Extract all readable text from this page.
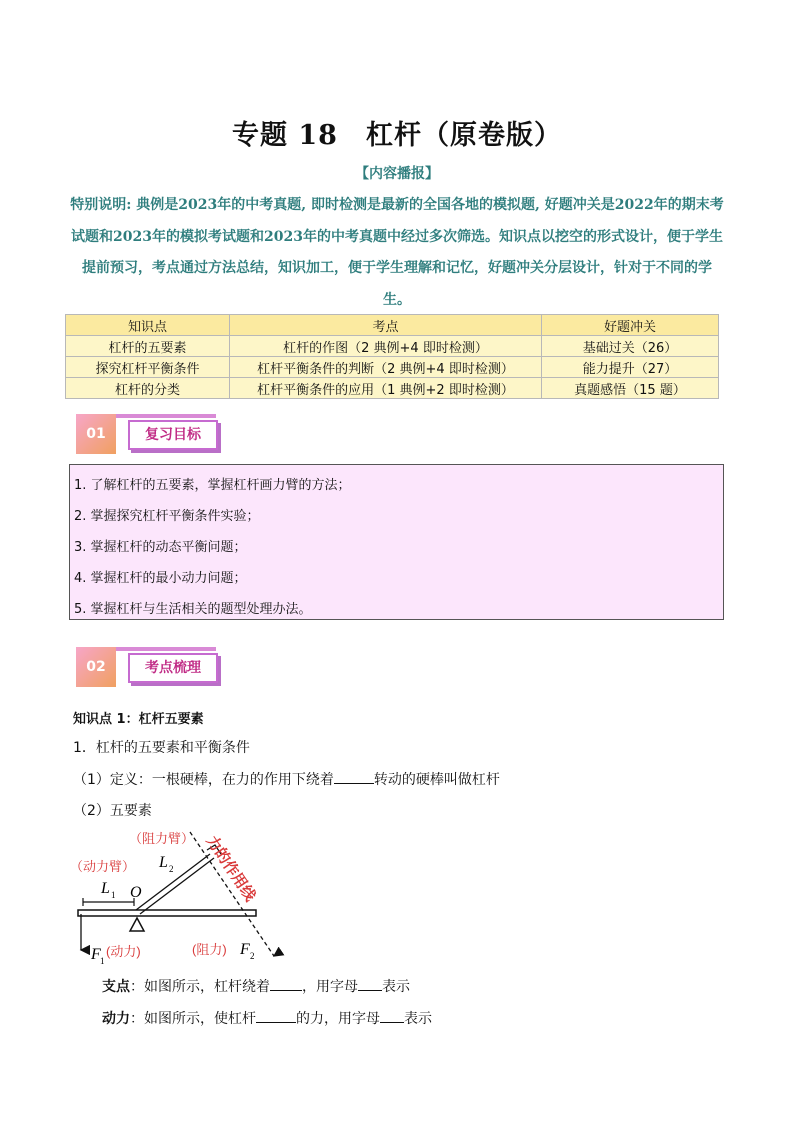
专题 18　杠杆（原卷版）
【内容播报】
特别说明: 典例是2023年的中考真题, 即时检测是最新的全国各地的模拟题, 好题冲关是2022年的期末考试题和2023年的模拟考试题和2023年的中考真题中经过多次筛选。知识点以挖空的形式设计，便于学生提前预习，考点通过方法总结，知识加工，便于学生理解和记忆，好题冲关分层设计，针对于不同的学生。
知识点	考点	好题冲关
杠杆的五要素	杠杆的作图（2 典例+4 即时检测）	基础过关（26）
探究杠杆平衡条件	杠杆平衡条件的判断（2 典例+4 即时检测）	能力提升（27）
杠杆的分类	杠杆平衡条件的应用（1 典例+2 即时检测）	真题感悟（15 题）
01	复习目标
1. 了解杠杆的五要素，掌握杠杆画力臂的方法；
2. 掌握探究杠杆平衡条件实验；
3. 掌握杠杆的动态平衡问题；
4. 掌握杠杆的最小动力问题；
5. 掌握杠杆与生活相关的题型处理办法。
02	考点梳理
知识点 1：杠杆五要素
1．杠杆的五要素和平衡条件
（1）定义：一根硬棒，在力的作用下绕着	转动的硬棒叫做杠杆
（2）五要素
（阻力臂）
（动力臂）	力的作用线
L 2
L 1 O
F 1
(动力)	(阻力) F 2
支点：如图所示，杠杆绕着 ，用字母 表示
动力：如图所示，使杠杆	的力，用字母 表示
